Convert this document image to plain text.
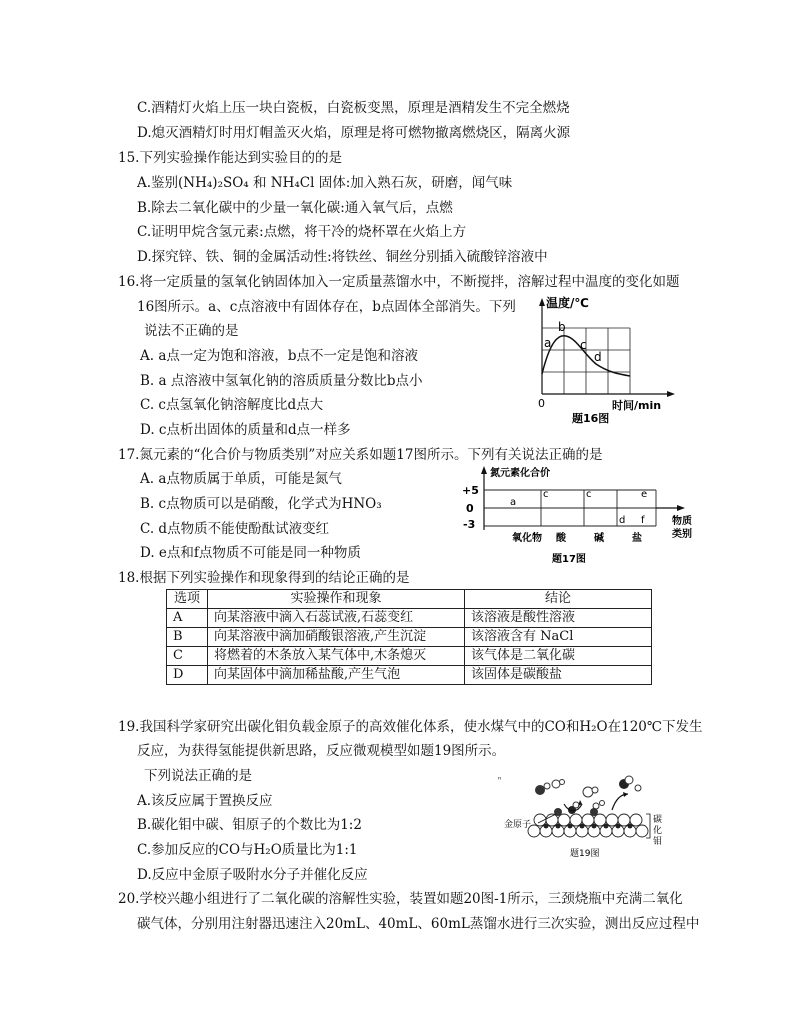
C.酒精灯火焰上压一块白瓷板，白瓷板变黑，原理是酒精发生不完全燃烧
D.熄灭酒精灯时用灯帽盖灭火焰，原理是将可燃物撤离燃烧区，隔离火源
15.下列实验操作能达到实验目的的是
A.鉴别(NH₄)₂SO₄ 和 NH₄Cl 固体:加入熟石灰，研磨，闻气味
B.除去二氧化碳中的少量一氧化碳:通入氧气后，点燃
C.证明甲烷含氢元素:点燃，将干冷的烧杯罩在火焰上方
D.探究锌、铁、铜的金属活动性:将铁丝、铜丝分别插入硫酸锌溶液中
16.将一定质量的氢氧化钠固体加入一定质量蒸馏水中，不断搅拌，溶解过程中温度的变化如题
16图所示。a、c点溶液中有固体存在，b点固体全部消失。下列
说法不正确的是
A. a点一定为饱和溶液，b点不一定是饱和溶液
B. a 点溶液中氢氧化钠的溶质质量分数比b点小
C. c点氢氧化钠溶解度比d点大
D. c点析出固体的质量和d点一样多
温度/℃
a
b
c
d
0	时间/min
题16图
17.氮元素的“化合价与物质类别”对应关系如题17图所示。下列有关说法正确的是
A. a点物质属于单质，可能是氮气
B. c点物质可以是硝酸，化学式为HNO₃
C. d点物质不能使酚酞试液变红
D. e点和f点物质不可能是同一种物质
氮元素化合价
+5
0
-3
a
c	c	e
d f
氧化物 酸	碱	盐
物质
类别
题17图
18.根据下列实验操作和现象得到的结论正确的是
选项	实验操作和现象	结论
A	向某溶液中滴入石蕊试液,石蕊变红	该溶液是酸性溶液
B	向某溶液中滴加硝酸银溶液,产生沉淀	该溶液含有 NaCl
C	将燃着的木条放入某气体中,木条熄灭	该气体是二氧化碳
D	向某固体中滴加稀盐酸,产生气泡	该固体是碳酸盐
19.我国科学家研究出碳化钼负载金原子的高效催化体系，使水煤气中的CO和H₂O在120℃下发生
反应，为获得氢能提供新思路，反应微观模型如题19图所示。
下列说法正确的是
A.该反应属于置换反应
B.碳化钼中碳、钼原子的个数比为1:2
C.参加反应的CO与H₂O质量比为1:1
D.反应中金原子吸附水分子并催化反应
ⁿ
金原子	碳
化
钼
题19图
20.学校兴趣小组进行了二氧化碳的溶解性实验，装置如题20图-1所示，三颈烧瓶中充满二氧化
碳气体，分别用注射器迅速注入20mL、40mL、60mL蒸馏水进行三次实验，测出反应过程中
